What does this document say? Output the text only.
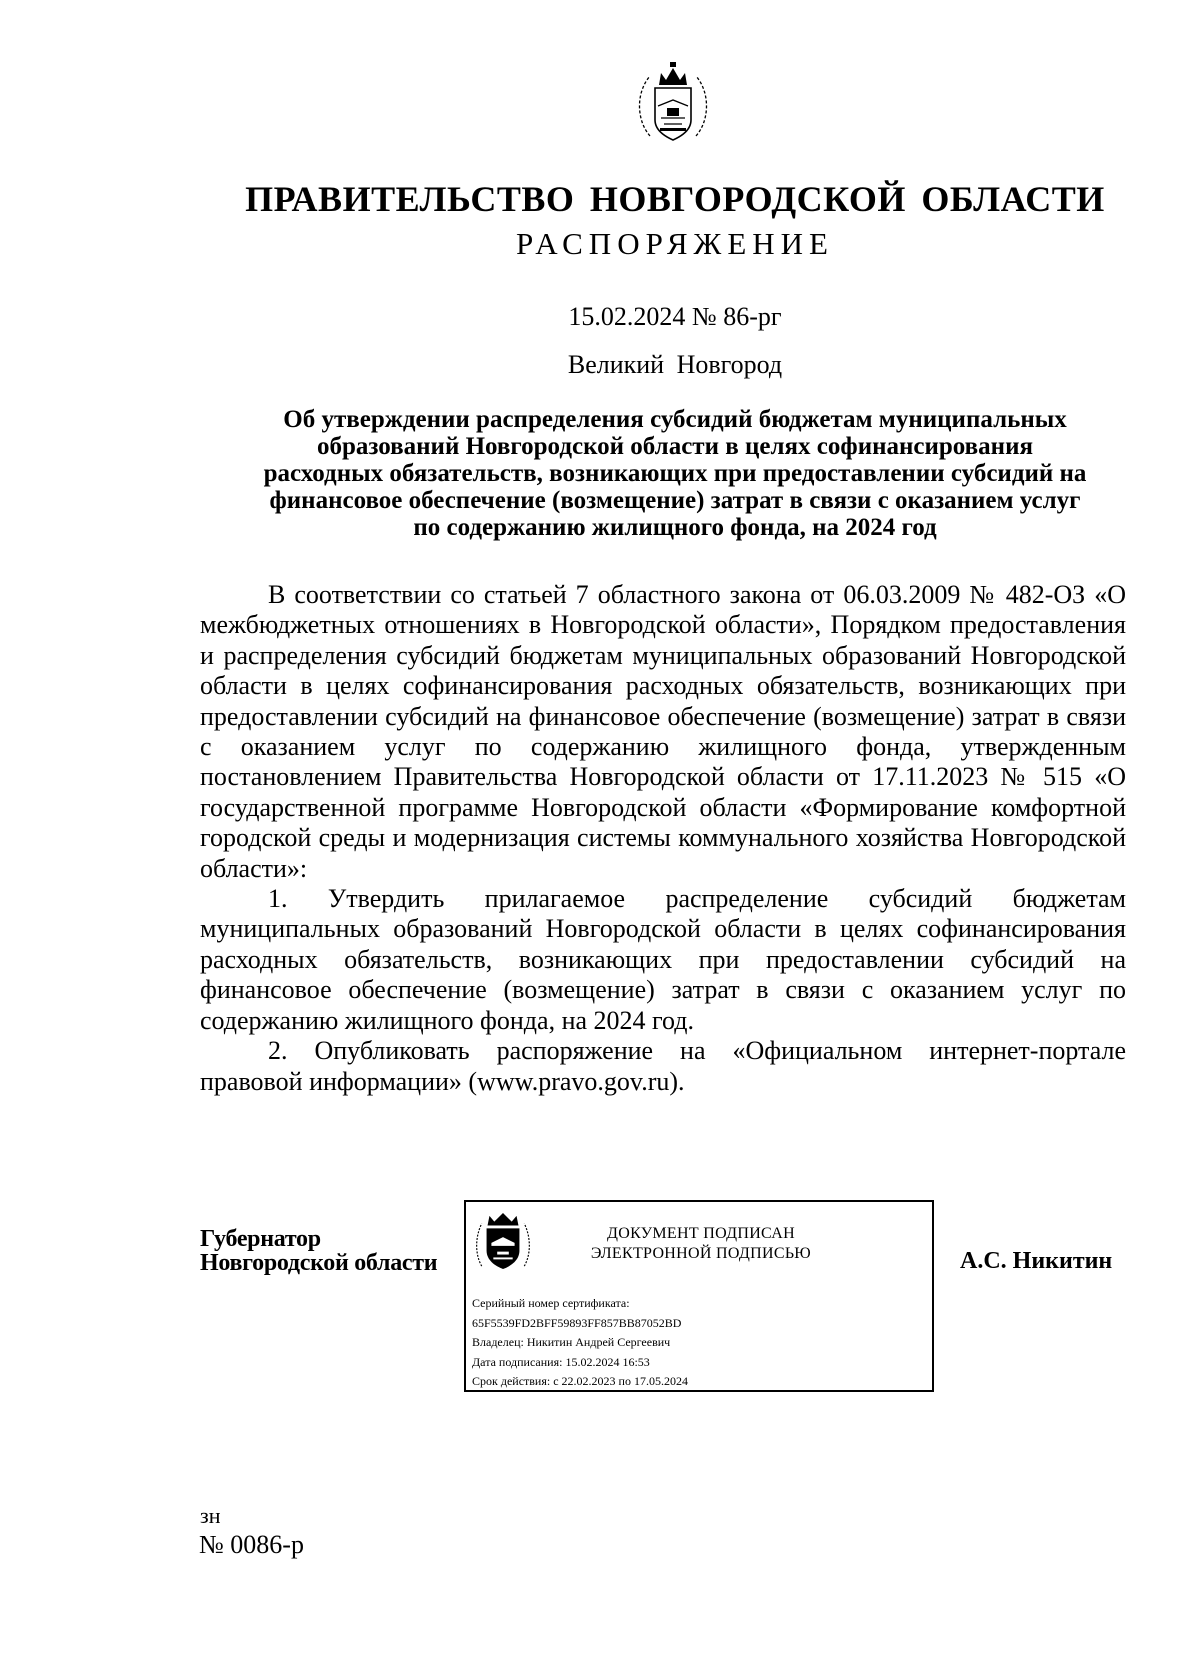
ПРАВИТЕЛЬСТВО НОВГОРОДСКОЙ ОБЛАСТИ
РАСПОРЯЖЕНИЕ
15.02.2024 № 86-рг
Великий Новгород
Об утверждении распределения субсидий бюджетам муниципальных
образований Новгородской области в целях софинансирования
расходных обязательств, возникающих при предоставлении субсидий на
финансовое обеспечение (возмещение) затрат в связи с оказанием услуг
по содержанию жилищного фонда, на 2024 год

В соответствии со статьей 7 областного закона от 06.03.2009 № 482-ОЗ «О межбюджетных отношениях в Новгородской области», Порядком предоставления и распределения субсидий бюджетам муниципальных образований Новгородской области в целях софинансирования расходных обязательств, возникающих при предоставлении субсидий на финансовое обеспечение (возмещение) затрат в связи с оказанием услуг по содержанию жилищного фонда, утвержденным постановлением Правительства Новгородской области от 17.11.2023 № 515 «О государственной программе Новгородской области «Формирование комфортной городской среды и модернизация системы коммунального хозяйства Новгородской области»:

1. Утвердить прилагаемое распределение субсидий бюджетам муниципальных образований Новгородской области в целях софинансирования расходных обязательств, возникающих при предоставлении субсидий на финансовое обеспечение (возмещение) затрат в связи с оказанием услуг по содержанию жилищного фонда, на 2024 год.

2. Опубликовать распоряжение на «Официальном интернет-портале правовой информации» (www.pravo.gov.ru).

Губернатор
Новгородской области
ДОКУМЕНТ ПОДПИСАН
ЭЛЕКТРОННОЙ ПОДПИСЬЮ
Серийный номер сертификата:
65F5539FD2BFF59893FF857BB87052BD
Владелец: Никитин Андрей Сергеевич
Дата подписания: 15.02.2024 16:53
Срок действия: с 22.02.2023 по 17.05.2024
А.С. Никитин
зн
№ 0086-р
